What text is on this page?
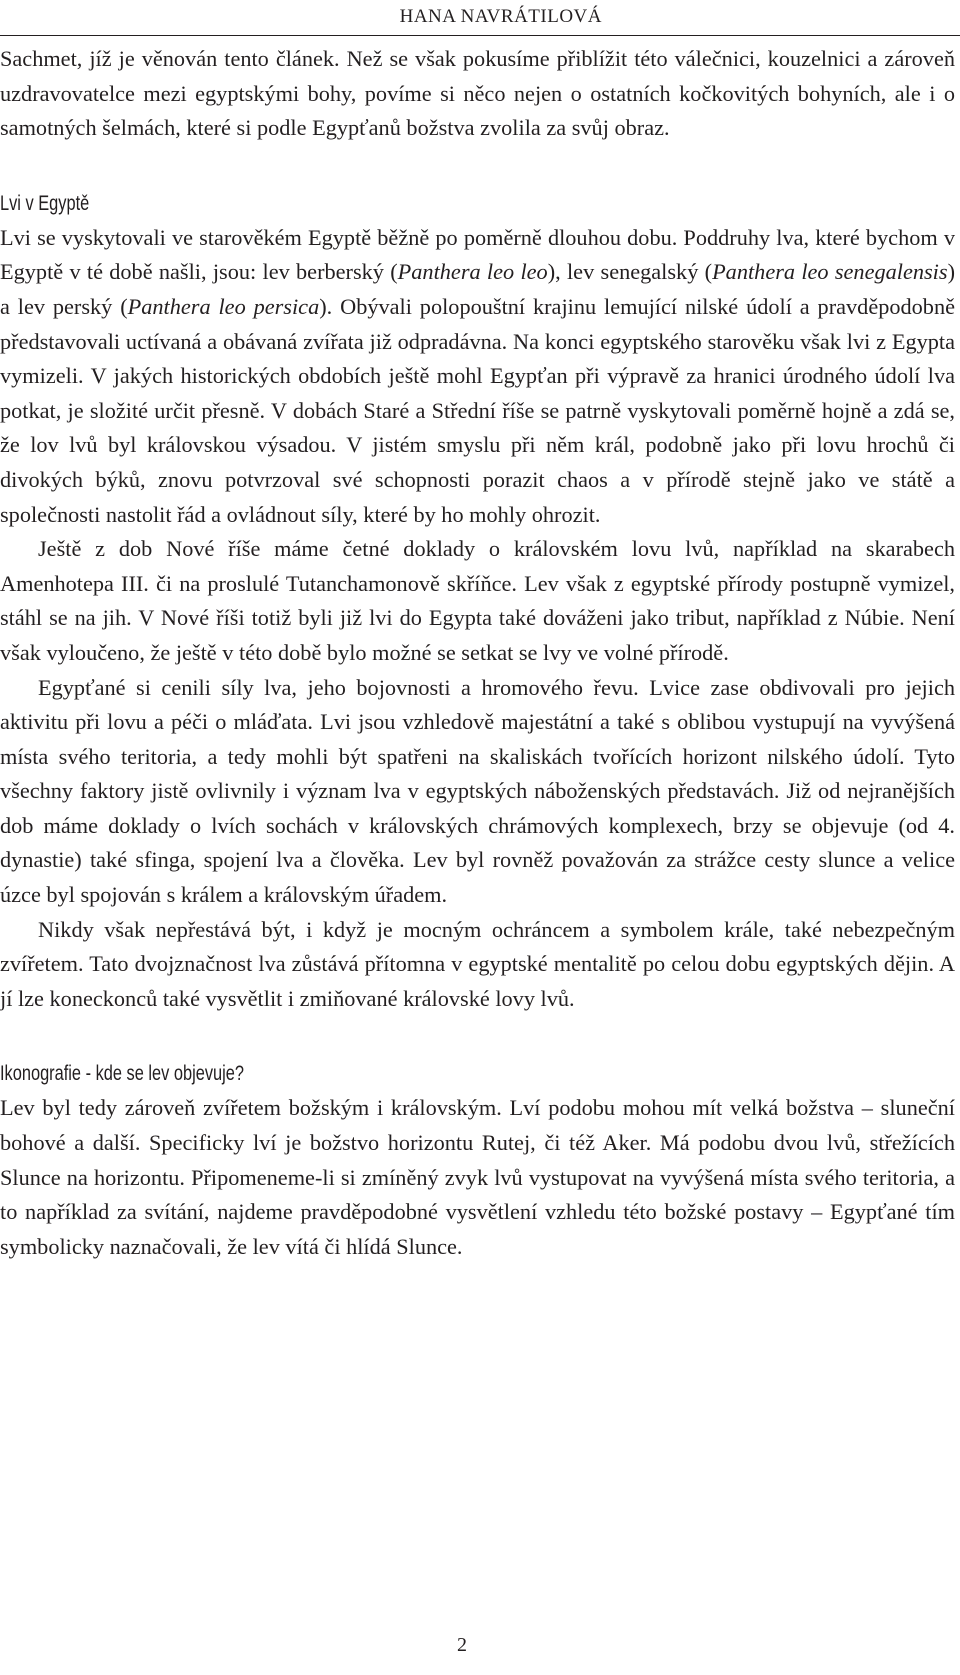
HANA NAVRÁTILOVÁ

Sachmet, jíž je věnován tento článek. Než se však pokusíme přiblížit této válečnici, kouzelnici a zároveň uzdravovatelce mezi egyptskými bohy, povíme si něco nejen o ostatních kočkovitých bohyních, ale i o samotných šelmách, které si podle Egypťanů božstva zvolila za svůj obraz.

Lvi v Egyptě

Lvi se vyskytovali ve starověkém Egyptě běžně po poměrně dlouhou dobu. Poddruhy lva, které bychom v Egyptě v té době našli, jsou: lev berberský (Panthera leo leo), lev senegalský (Panthera leo senegalensis) a lev perský (Panthera leo persica). Obývali polopouštní krajinu lemující nilské údolí a pravděpodobně představovali uctívaná a obávaná zvířata již odpradávna. Na konci egyptského starověku však lvi z Egypta vymizeli. V jakých historických obdobích ještě mohl Egypťan při výpravě za hranici úrodného údolí lva potkat, je složité určit přesně. V dobách Staré a Střední říše se patrně vyskytovali poměrně hojně a zdá se, že lov lvů byl královskou výsadou. V jistém smyslu při něm král, podobně jako při lovu hrochů či divokých býků, znovu potvrzoval své schopnosti porazit chaos a v přírodě stejně jako ve státě a společnosti nastolit řád a ovládnout síly, které by ho mohly ohrozit.

Ještě z dob Nové říše máme četné doklady o královském lovu lvů, například na skarabech Amenhotepa III. či na proslulé Tutanchamonově skříňce. Lev však z egyptské přírody postupně vymizel, stáhl se na jih. V Nové říši totiž byli již lvi do Egypta také dováženi jako tribut, například z Núbie. Není však vyloučeno, že ještě v této době bylo možné se setkat se lvy ve volné přírodě.

Egypťané si cenili síly lva, jeho bojovnosti a hromového řevu. Lvice zase obdivovali pro jejich aktivitu při lovu a péči o mláďata. Lvi jsou vzhledově majestátní a také s oblibou vystupují na vyvýšená místa svého teritoria, a tedy mohli být spatřeni na skaliskách tvořících horizont nilského údolí. Tyto všechny faktory jistě ovlivnily i význam lva v egyptských náboženských představách. Již od nejranějších dob máme doklady o lvích sochách v královských chrámových komplexech, brzy se objevuje (od 4. dynastie) také sfinga, spojení lva a člověka. Lev byl rovněž považován za strážce cesty slunce a velice úzce byl spojován s králem a královským úřadem.

Nikdy však nepřestává být, i když je mocným ochráncem a symbolem krále, také nebezpečným zvířetem. Tato dvojznačnost lva zůstává přítomna v egyptské mentalitě po celou dobu egyptských dějin. A jí lze koneckonců také vysvětlit i zmiňované královské lovy lvů.

Ikonografie - kde se lev objevuje?

Lev byl tedy zároveň zvířetem božským i královským. Lví podobu mohou mít velká božstva – sluneční bohové a další. Specificky lví je božstvo horizontu Rutej, či též Aker. Má podobu dvou lvů, střežících Slunce na horizontu. Připomeneme-li si zmíněný zvyk lvů vystupovat na vyvýšená místa svého teritoria, a to například za svítání, najdeme pravděpodobné vysvětlení vzhledu této božské postavy – Egypťané tím symbolicky naznačovali, že lev vítá či hlídá Slunce.

2
